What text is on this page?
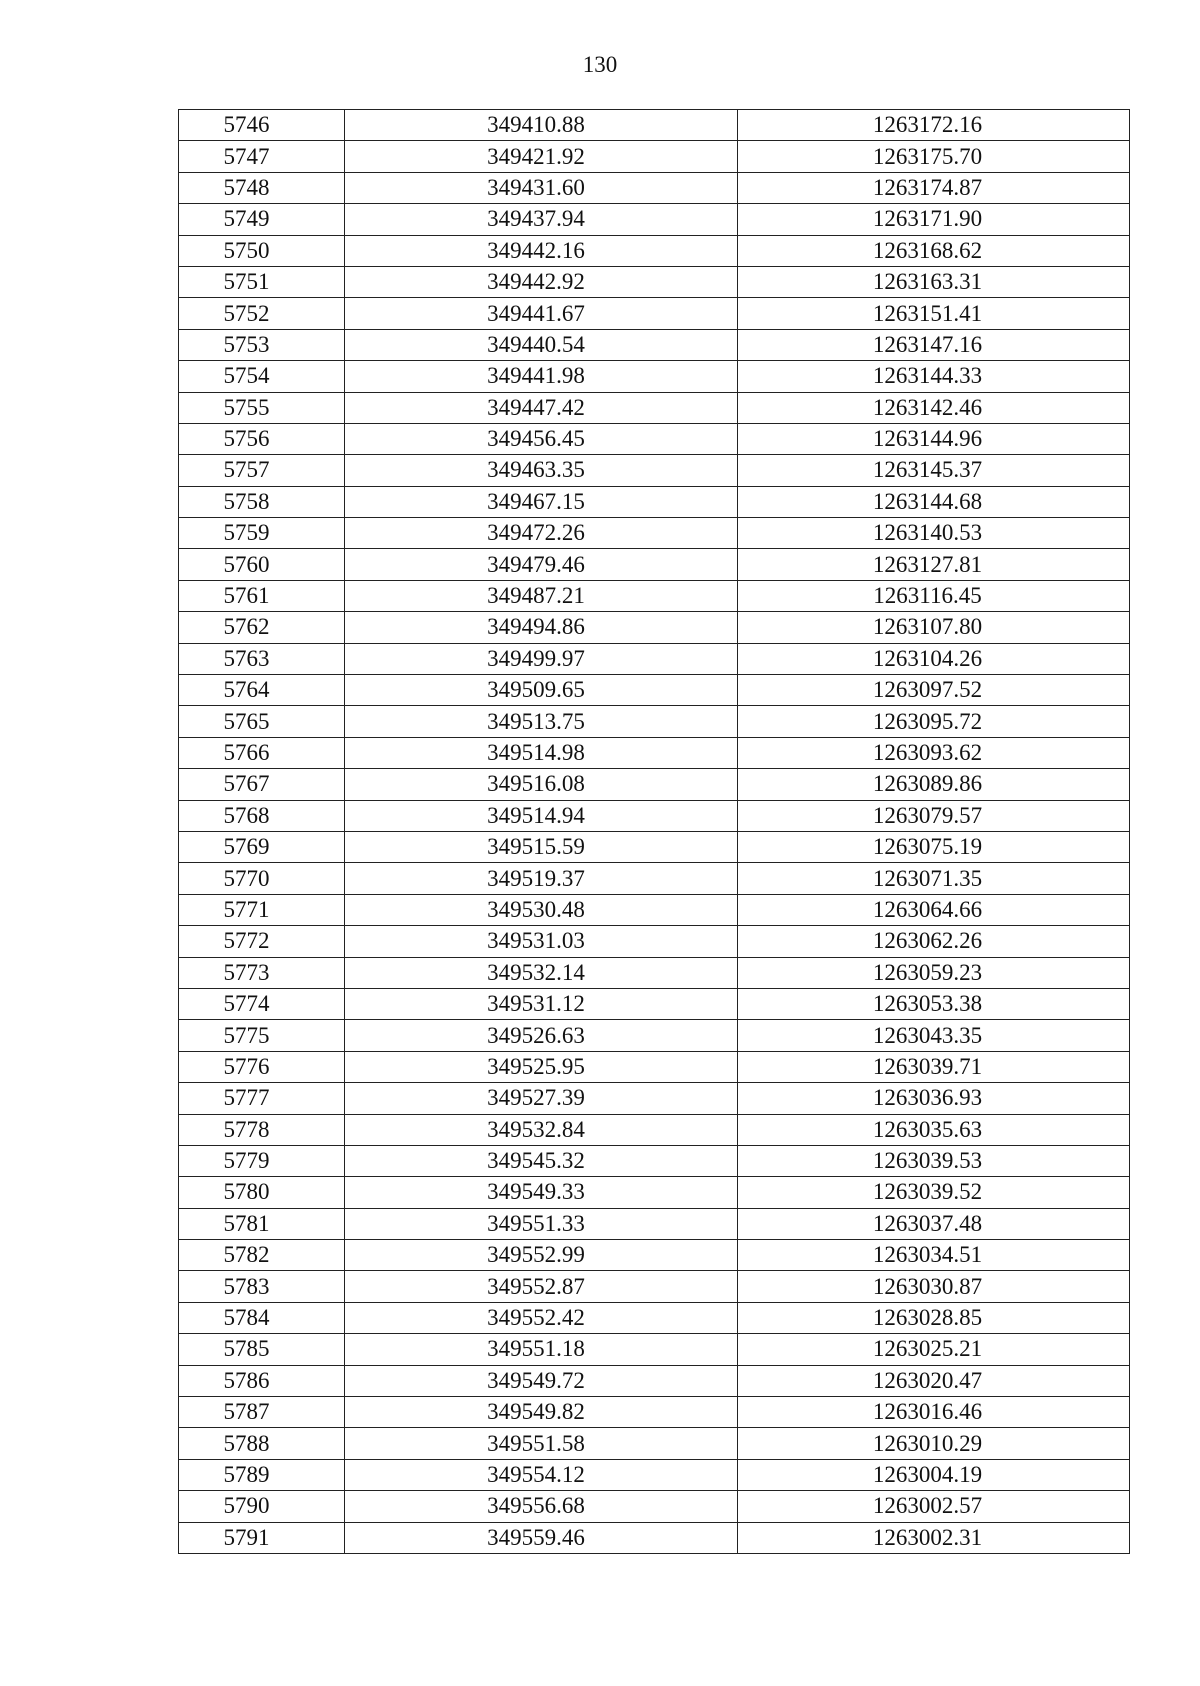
130
5746	349410.88	1263172.16
5747	349421.92	1263175.70
5748	349431.60	1263174.87
5749	349437.94	1263171.90
5750	349442.16	1263168.62
5751	349442.92	1263163.31
5752	349441.67	1263151.41
5753	349440.54	1263147.16
5754	349441.98	1263144.33
5755	349447.42	1263142.46
5756	349456.45	1263144.96
5757	349463.35	1263145.37
5758	349467.15	1263144.68
5759	349472.26	1263140.53
5760	349479.46	1263127.81
5761	349487.21	1263116.45
5762	349494.86	1263107.80
5763	349499.97	1263104.26
5764	349509.65	1263097.52
5765	349513.75	1263095.72
5766	349514.98	1263093.62
5767	349516.08	1263089.86
5768	349514.94	1263079.57
5769	349515.59	1263075.19
5770	349519.37	1263071.35
5771	349530.48	1263064.66
5772	349531.03	1263062.26
5773	349532.14	1263059.23
5774	349531.12	1263053.38
5775	349526.63	1263043.35
5776	349525.95	1263039.71
5777	349527.39	1263036.93
5778	349532.84	1263035.63
5779	349545.32	1263039.53
5780	349549.33	1263039.52
5781	349551.33	1263037.48
5782	349552.99	1263034.51
5783	349552.87	1263030.87
5784	349552.42	1263028.85
5785	349551.18	1263025.21
5786	349549.72	1263020.47
5787	349549.82	1263016.46
5788	349551.58	1263010.29
5789	349554.12	1263004.19
5790	349556.68	1263002.57
5791	349559.46	1263002.31
